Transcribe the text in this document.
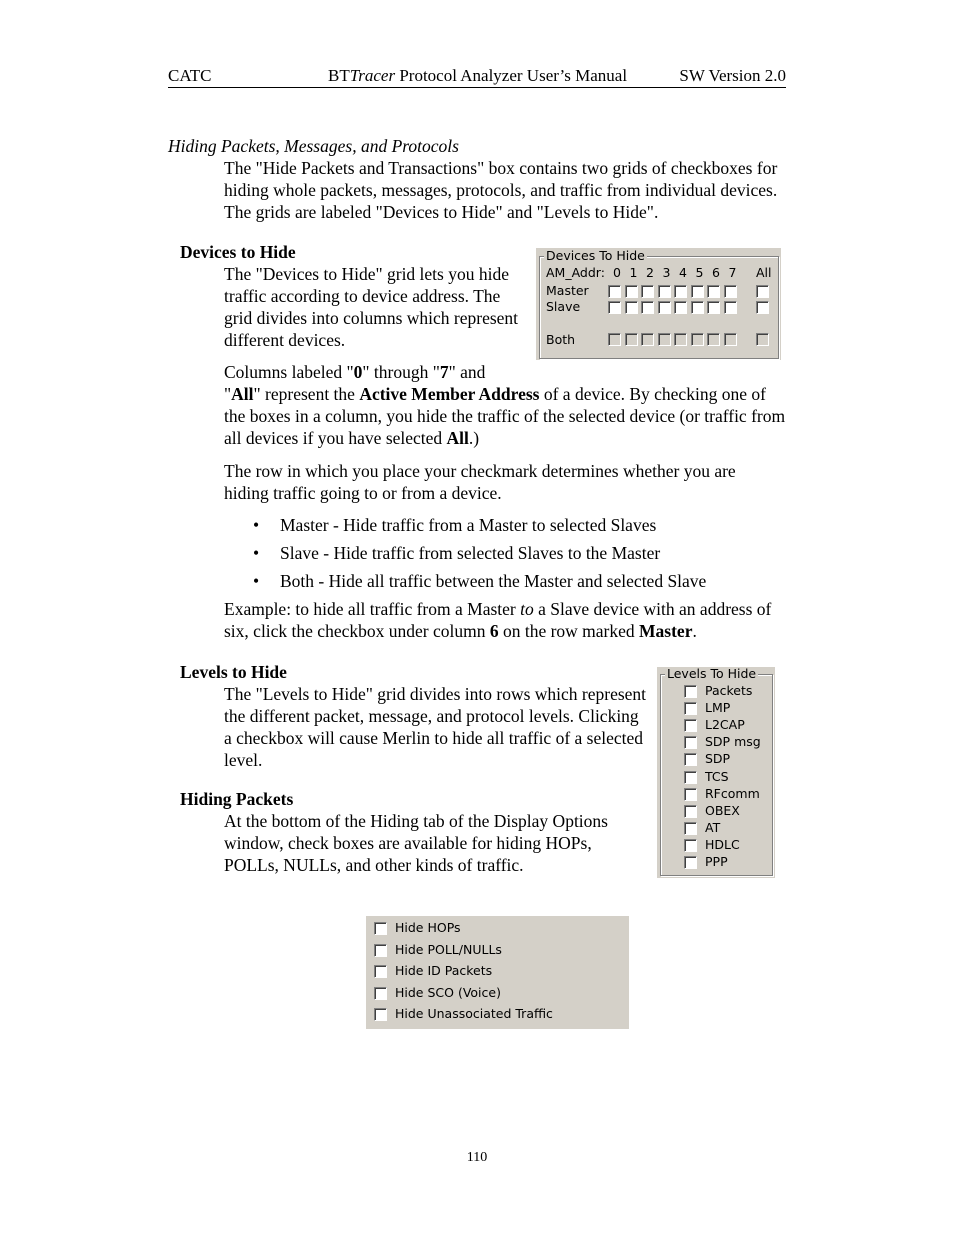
CATC	BTTracer Protocol Analyzer User’s Manual	SW Version 2.0
Hiding Packets, Messages, and Protocols

The "Hide Packets and Transactions" box contains two grids of checkboxes for hiding whole packets, messages, protocols, and traffic from individual devices. The grids are labeled "Devices to Hide" and "Levels to Hide".

Devices to Hide

The "Devices to Hide" grid lets you hide traffic according to device address. The grid divides into columns which represent different devices.

Columns labeled "0" through "7" and

"All" represent the Active Member Address of a device. By checking one of the boxes in a column, you hide the traffic of the selected device (or traffic from all devices if you have selected All.)

The row in which you place your checkmark determines whether you are hiding traffic going to or from a device.

• Master - Hide traffic from a Master to selected Slaves
• Slave - Hide traffic from selected Slaves to the Master
• Both - Hide all traffic between the Master and selected Slave

Example: to hide all traffic from a Master to a Slave device with an address of six, click the checkbox under column 6 on the row marked Master.

Devices To Hide
AM_Addr: 0 1 2 3 4 5 6 7 All
Master
Slave
Both
Levels to Hide

The "Levels to Hide" grid divides into rows which represent the different packet, message, and protocol levels. Clicking a checkbox will cause Merlin to hide all traffic of a selected level.

Levels To Hide
Packets
LMP
L2CAP
SDP msg
SDP
TCS
RFcomm
OBEX
AT
HDLC
PPP
Hiding Packets

At the bottom of the Hiding tab of the Display Options window, check boxes are available for hiding HOPs, POLLs, NULLs, and other kinds of traffic.

Hide HOPs
Hide POLL/NULLs
Hide ID Packets
Hide SCO (Voice)
Hide Unassociated Traffic
110
